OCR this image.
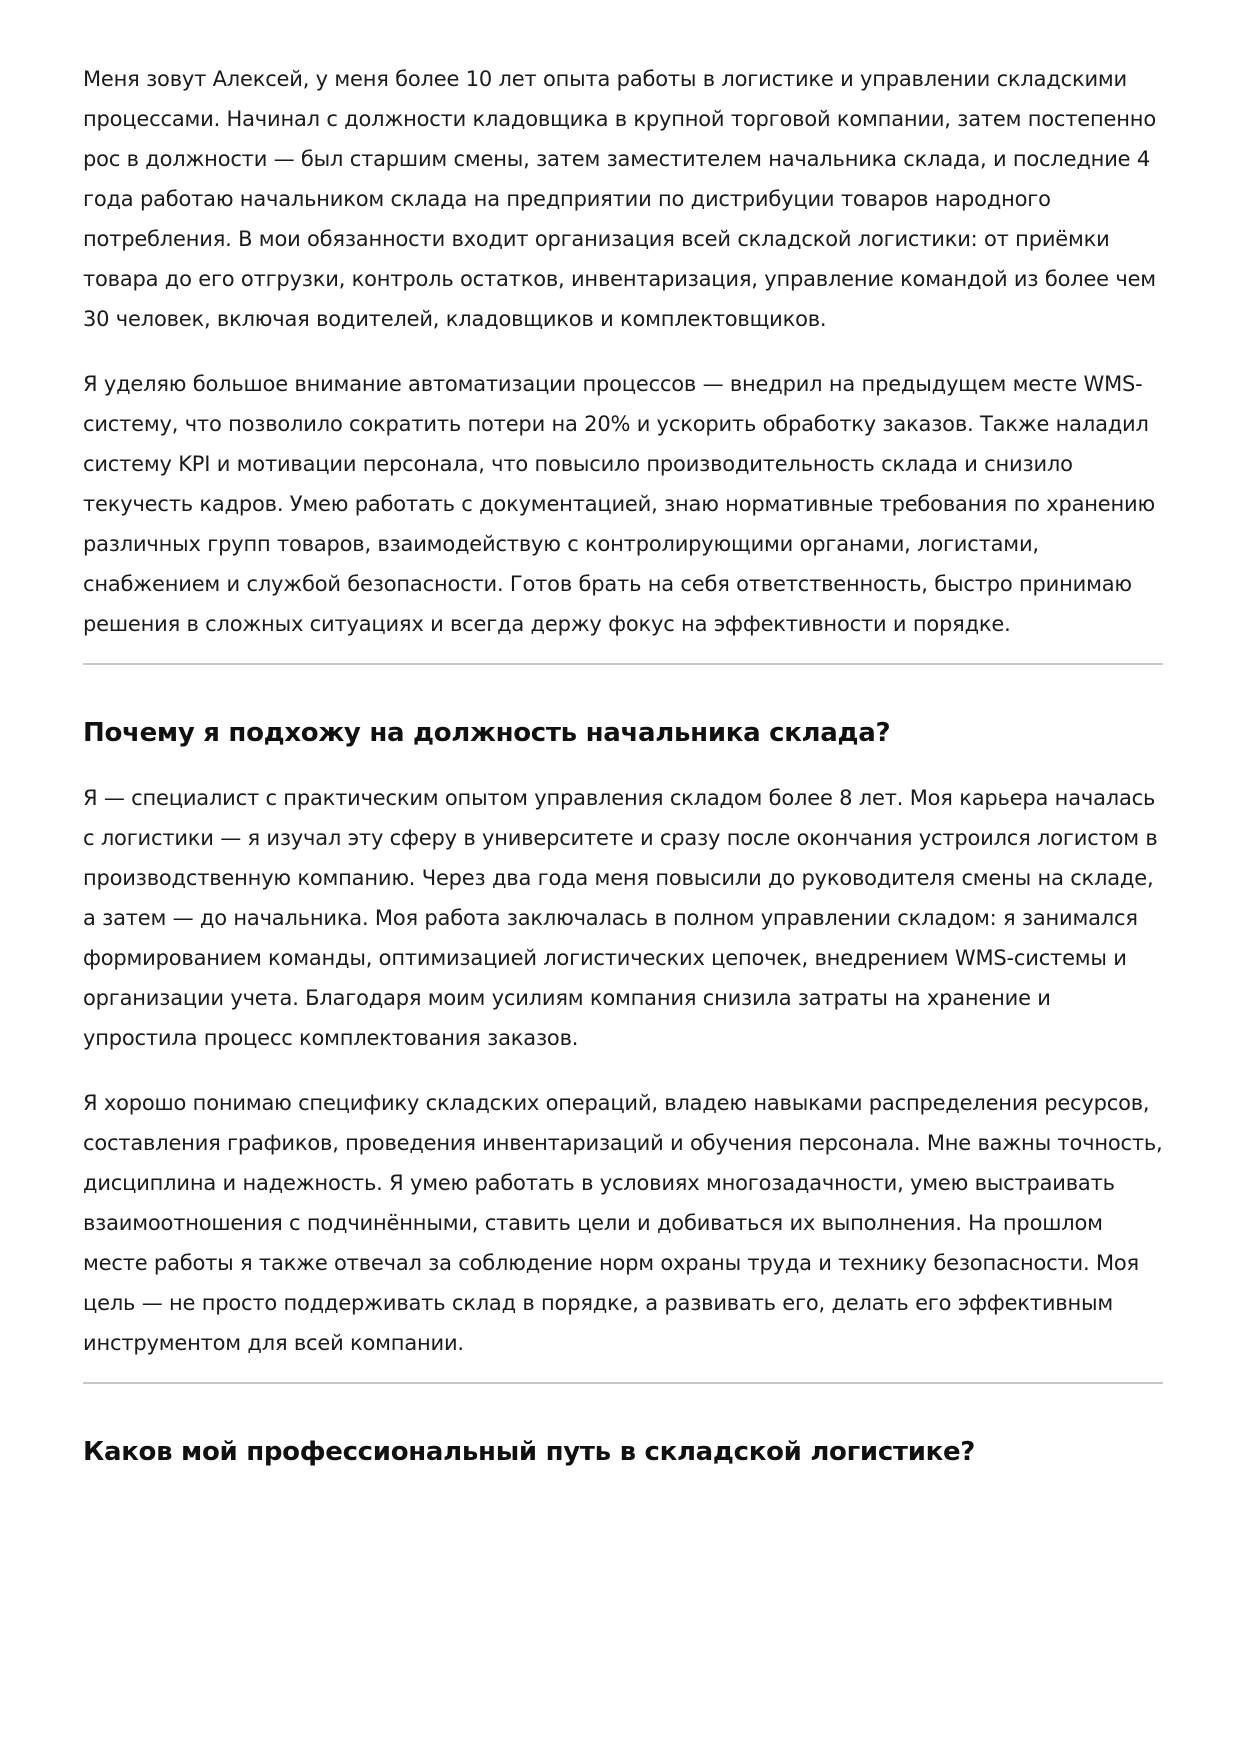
Меня зовут Алексей, у меня более 10 лет опыта работы в логистике и управлении складскими процессами. Начинал с должности кладовщика в крупной торговой компании, затем постепенно рос в должности — был старшим смены, затем заместителем начальника склада, и последние 4 года работаю начальником склада на предприятии по дистрибуции товаров народного потребления. В мои обязанности входит организация всей складской логистики: от приёмки товара до его отгрузки, контроль остатков, инвентаризация, управление командой из более чем 30 человек, включая водителей, кладовщиков и комплектовщиков.

Я уделяю большое внимание автоматизации процессов — внедрил на предыдущем месте WMS-систему, что позволило сократить потери на 20% и ускорить обработку заказов. Также наладил систему KPI и мотивации персонала, что повысило производительность склада и снизило текучесть кадров. Умею работать с документацией, знаю нормативные требования по хранению различных групп товаров, взаимодействую с контролирующими органами, логистами, снабжением и службой безопасности. Готов брать на себя ответственность, быстро принимаю решения в сложных ситуациях и всегда держу фокус на эффективности и порядке.

Почему я подхожу на должность начальника склада?

Я — специалист с практическим опытом управления складом более 8 лет. Моя карьера началась с логистики — я изучал эту сферу в университете и сразу после окончания устроился логистом в производственную компанию. Через два года меня повысили до руководителя смены на складе, а затем — до начальника. Моя работа заключалась в полном управлении складом: я занимался формированием команды, оптимизацией логистических цепочек, внедрением WMS-системы и организации учета. Благодаря моим усилиям компания снизила затраты на хранение и упростила процесс комплектования заказов.

Я хорошо понимаю специфику складских операций, владею навыками распределения ресурсов, составления графиков, проведения инвентаризаций и обучения персонала. Мне важны точность, дисциплина и надежность. Я умею работать в условиях многозадачности, умею выстраивать взаимоотношения с подчинёнными, ставить цели и добиваться их выполнения. На прошлом месте работы я также отвечал за соблюдение норм охраны труда и технику безопасности. Моя цель — не просто поддерживать склад в порядке, а развивать его, делать его эффективным инструментом для всей компании.

Каков мой профессиональный путь в складской логистике?
